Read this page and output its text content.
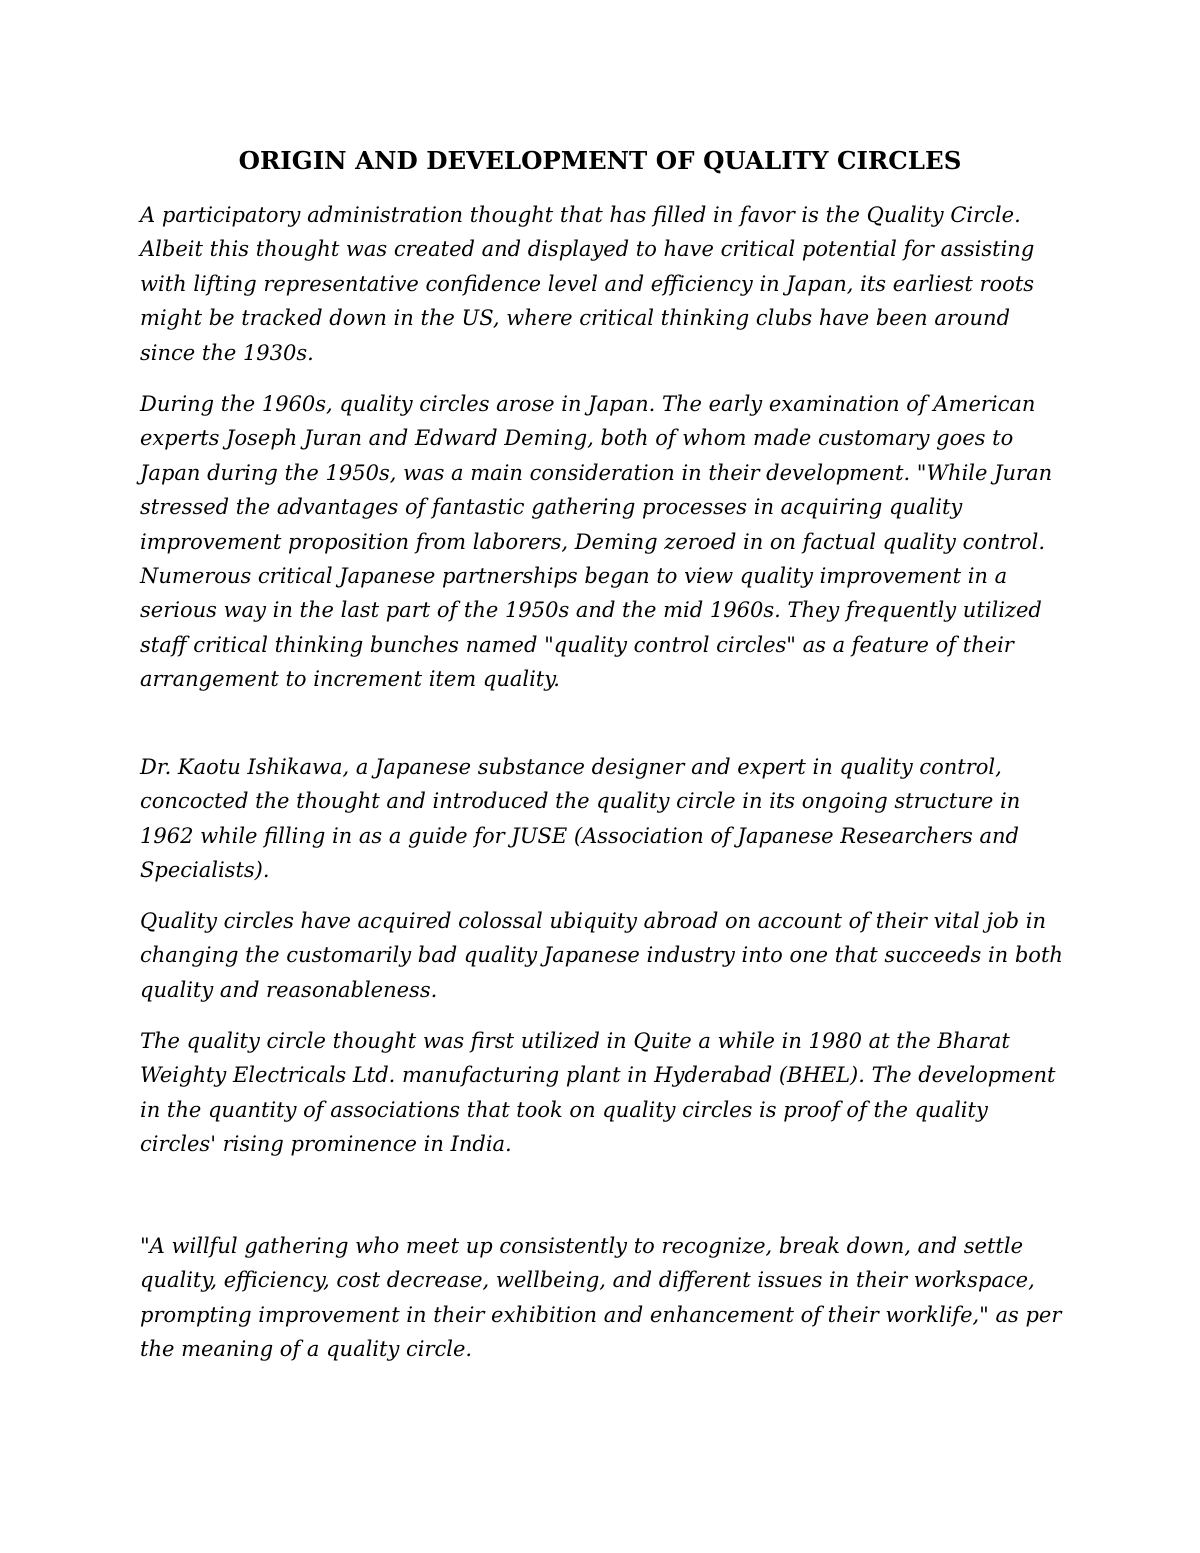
ORIGIN AND DEVELOPMENT OF QUALITY CIRCLES

A participatory administration thought that has filled in favor is the Quality Circle. Albeit this thought was created and displayed to have critical potential for assisting with lifting representative confidence level and efficiency in Japan, its earliest roots might be tracked down in the US, where critical thinking clubs have been around since the 1930s.

During the 1960s, quality circles arose in Japan. The early examination of American experts Joseph Juran and Edward Deming, both of whom made customary goes to Japan during the 1950s, was a main consideration in their development. "While Juran stressed the advantages of fantastic gathering processes in acquiring quality improvement proposition from laborers, Deming zeroed in on factual quality control. Numerous critical Japanese partnerships began to view quality improvement in a serious way in the last part of the 1950s and the mid 1960s. They frequently utilized staff critical thinking bunches named "quality control circles" as a feature of their arrangement to increment item quality.

Dr. Kaotu Ishikawa, a Japanese substance designer and expert in quality control, concocted the thought and introduced the quality circle in its ongoing structure in 1962 while filling in as a guide for JUSE (Association of Japanese Researchers and Specialists).

Quality circles have acquired colossal ubiquity abroad on account of their vital job in changing the customarily bad quality Japanese industry into one that succeeds in both quality and reasonableness.

The quality circle thought was first utilized in Quite a while in 1980 at the Bharat Weighty Electricals Ltd. manufacturing plant in Hyderabad (BHEL). The development in the quantity of associations that took on quality circles is proof of the quality circles' rising prominence in India.

"A willful gathering who meet up consistently to recognize, break down, and settle quality, efficiency, cost decrease, wellbeing, and different issues in their workspace, prompting improvement in their exhibition and enhancement of their worklife," as per the meaning of a quality circle.
